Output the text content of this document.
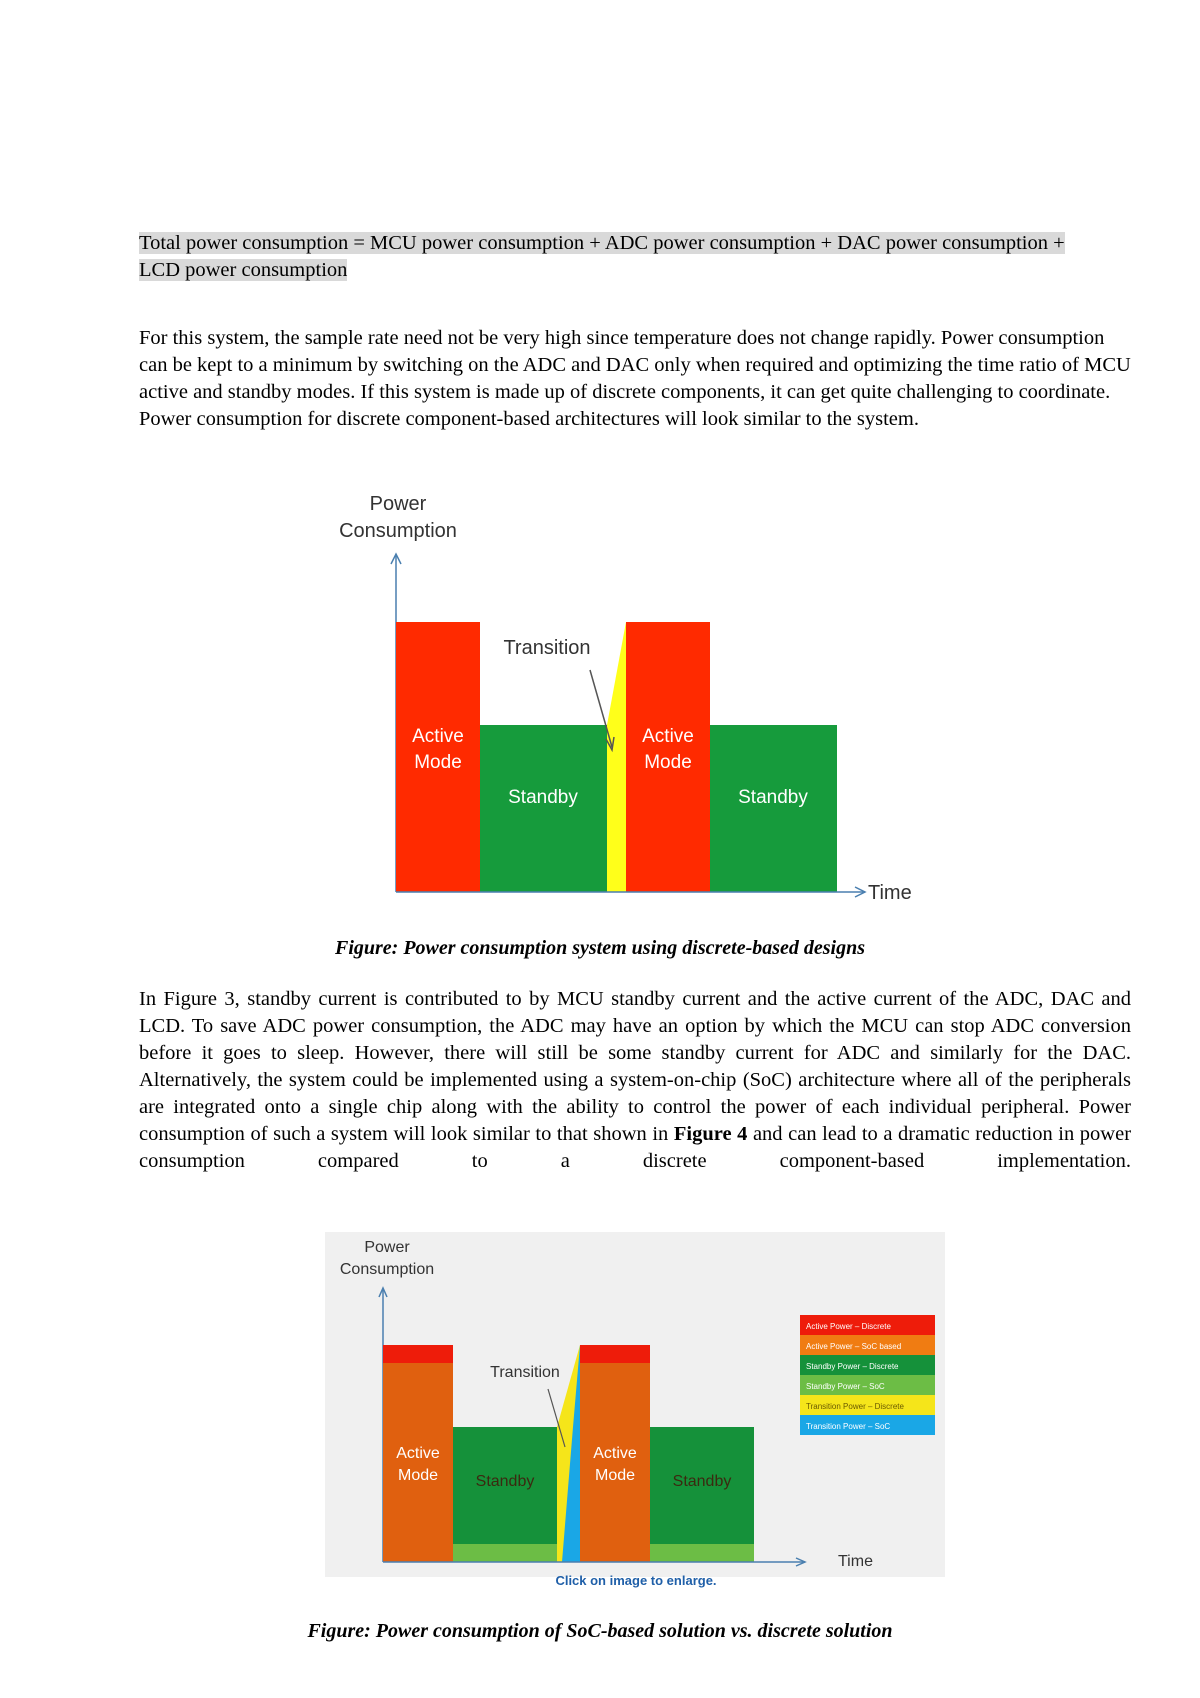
Total power consumption = MCU power consumption + ADC power consumption + DAC power consumption + LCD power consumption

For this system, the sample rate need not be very high since temperature does not change rapidly. Power consumption can be kept to a minimum by switching on the ADC and DAC only when required and optimizing the time ratio of MCU active and standby modes. If this system is made up of discrete components, it can get quite challenging to coordinate. Power consumption for discrete component-based architectures will look similar to the system.

Power
Consumption
Time
Transition
Active
Mode
Active
Mode
Standby	Standby

Figure: Power consumption system using discrete-based designs

In Figure 3, standby current is contributed to by MCU standby current and the active current of the ADC, DAC and LCD. To save ADC power consumption, the ADC may have an option by which the MCU can stop ADC conversion before it goes to sleep. However, there will still be some standby current for ADC and similarly for the DAC. Alternatively, the system could be implemented using a system-on-chip (SoC) architecture where all of the peripherals are integrated onto a single chip along with the ability to control the power of each individual peripheral. Power consumption of such a system will look similar to that shown in Figure 4 and can lead to a dramatic reduction in power consumption compared to a discrete component-based implementation.

Power
Consumption
Time
Transition
Active
Mode
Active
Mode
Standby	Standby
Active Power – Discrete
Active Power – SoC based
Standby Power – Discrete
Standby Power – SoC
Transition Power – Discrete
Transition Power – SoC

Click on image to enlarge.

Figure: Power consumption of SoC-based solution vs. discrete solution
